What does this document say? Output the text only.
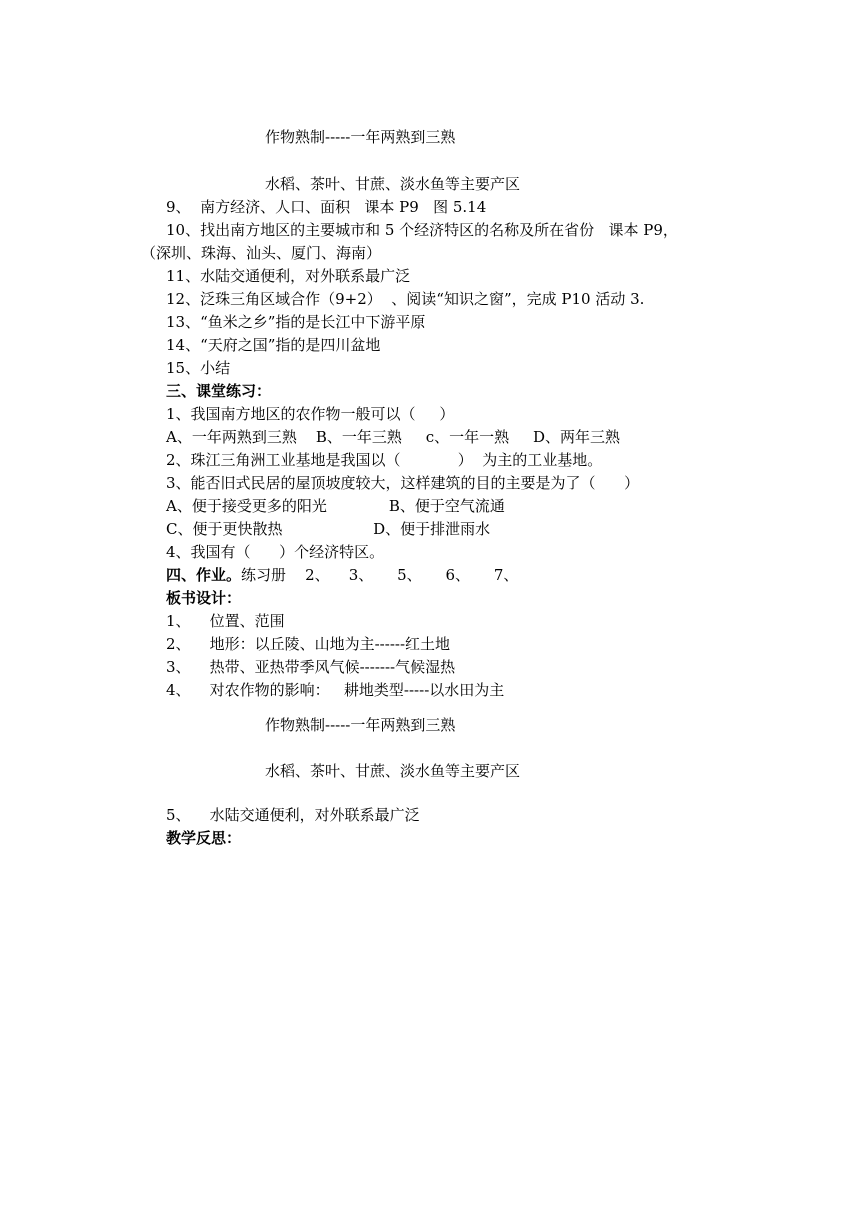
作物熟制-----一年两熟到三熟
水稻、茶叶、甘蔗、淡水鱼等主要产区
9、  南方经济、人口、面积   课本 P9   图 5.14
10、找出南方地区的主要城市和 5 个经济特区的名称及所在省份   课本 P9，
（深圳、珠海、汕头、厦门、海南）
11、水陆交通便利，对外联系最广泛
12、泛珠三角区域合作（9+2）  、阅读“知识之窗”，完成 P10 活动 3.
13、“鱼米之乡”指的是长江中下游平原
14、“天府之国”指的是四川盆地
15、小结
三、课堂练习：
1、我国南方地区的农作物一般可以（     ）
A、一年两熟到三熟    B、一年三熟     c、一年一熟     D、两年三熟
2、珠江三角洲工业基地是我国以（            ）  为主的工业基地。
3、能否旧式民居的屋顶坡度较大，这样建筑的目的主要是为了（      ）
A、便于接受更多的阳光             B、便于空气流通
C、便于更快散热                   D、便于排泄雨水
4、我国有（      ）个经济特区。
四、作业。练习册    2、    3、     5、     6、     7、
板书设计：
1、    位置、范围
2、    地形：以丘陵、山地为主------红土地
3、    热带、亚热带季风气候-------气候湿热
4、    对农作物的影响：   耕地类型-----以水田为主
作物熟制-----一年两熟到三熟
水稻、茶叶、甘蔗、淡水鱼等主要产区
5、    水陆交通便利，对外联系最广泛
教学反思：
